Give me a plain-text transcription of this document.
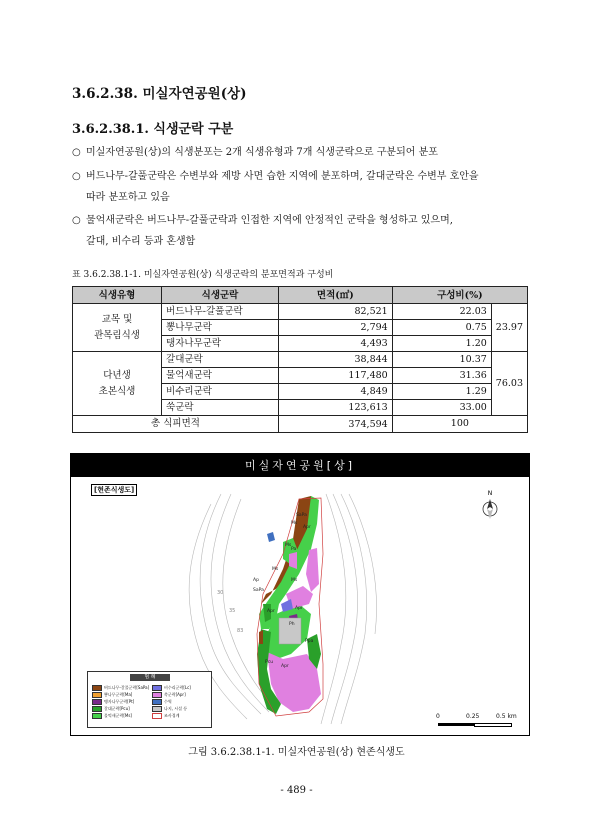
3.6.2.38. 미실자연공원(상)
3.6.2.38.1. 식생군락 구분
○ 미실자연공원(상)의 식생분포는 2개 식생유형과 7개 식생군락으로 구분되어 분포
○ 버드나무-갈풀군락은 수변부와 제방 사면 습한 지역에 분포하며, 갈대군락은 수변부 호안을
따라 분포하고 있음
○ 물억새군락은 버드나무-갈풀군락과 인접한 지역에 안정적인 군락을 형성하고 있으며,
갈대, 비수리 등과 혼생함
표 3.6.2.38.1-1. 미실자연공원(상) 식생군락의 분포면적과 구성비
식생유형	식생군락	면적(㎡)	구성비(%)	
교목 및
관목림식생	버드나무-갈풀군락	82,521	22.03	23.97
	뽕나무군락	2,794	0.75	
	탱자나무군락	4,493	1.20	
다년생
초본식생	갈대군락	38,844	10.37	76.03
	물억새군락	117,480	31.36	
	비수리군락	4,849	1.29	
	쑥군락	123,613	33.00	
총 식피면적		374,594	100	
미실자연공원[상]
[현존식생도]
SaPa
Ms
Apr
Ms
Pa
Ms
Ap
SaPa
Ms
Apr
Apr
Ph
Ppa
Pcu
Apr
30
35
83
N
범 례
버드나무-갈풀군락[SaPa]
뽕나무군락[Ma]
탱자나무군락[Pt]
갈대군락[Pcu]
물억새군락[Ms]
비수리군락[Lc]
쑥군락[Apr]
수역
나지, 시설 등
조사경계	0	0.25	0.5 km
그림 3.6.2.38.1-1. 미실자연공원(상) 현존식생도
- 489 -
